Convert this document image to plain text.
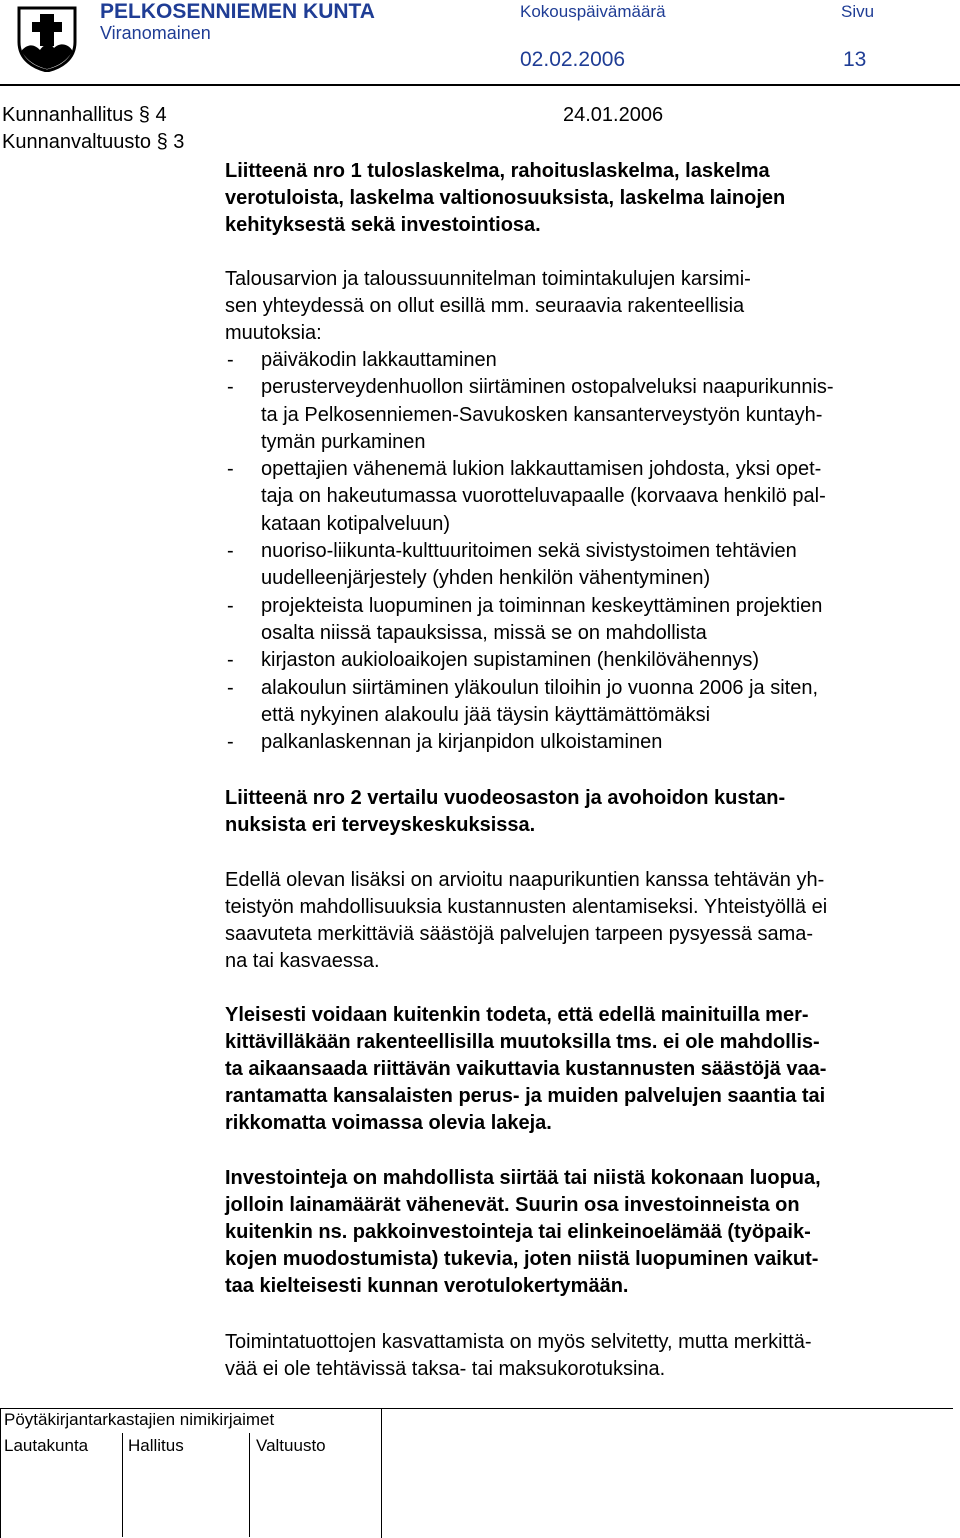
PELKOSENNIEMEN KUNTA
Viranomainen
Kokouspäivämäärä	Sivu
02.02.2006	13
Kunnanhallitus § 4	24.01.2006
Kunnanvaltuusto § 3

Liitteenä nro 1 tuloslaskelma, rahoituslaskelma, laskelma

verotuloista, laskelma valtionosuuksista, laskelma lainojen

kehityksestä sekä investointiosa.

Talousarvion ja taloussuunnitelman toimintakulujen karsimi-

sen yhteydessä on ollut esillä mm. seuraavia rakenteellisia

muutoksia:

- päiväkodin lakkauttaminen
- perusterveydenhuollon siirtäminen ostopalveluksi naapurikunnis-
ta ja Pelkosenniemen-Savukosken kansanterveystyön kuntayh-
tymän purkaminen
- opettajien vähenemä lukion lakkauttamisen johdosta, yksi opet-
taja on hakeutumassa vuorotteluvapaalle (korvaava henkilö pal-
kataan kotipalveluun)
- nuoriso-liikunta-kulttuuritoimen sekä sivistystoimen tehtävien
uudelleenjärjestely (yhden henkilön vähentyminen)
- projekteista luopuminen ja toiminnan keskeyttäminen projektien
osalta niissä tapauksissa, missä se on mahdollista
- kirjaston aukioloaikojen supistaminen (henkilövähennys)
- alakoulun siirtäminen yläkoulun tiloihin jo vuonna 2006 ja siten,
että nykyinen alakoulu jää täysin käyttämättömäksi
- palkanlaskennan ja kirjanpidon ulkoistaminen

Liitteenä nro 2 vertailu vuodeosaston ja avohoidon kustan-

nuksista eri terveyskeskuksissa.

Edellä olevan lisäksi on arvioitu naapurikuntien kanssa tehtävän yh-

teistyön mahdollisuuksia kustannusten alentamiseksi. Yhteistyöllä ei

saavuteta merkittäviä säästöjä palvelujen tarpeen pysyessä sama-

na tai kasvaessa.

Yleisesti voidaan kuitenkin todeta, että edellä mainituilla mer-

kittävilläkään rakenteellisilla muutoksilla tms. ei ole mahdollis-

ta aikaansaada riittävän vaikuttavia kustannusten säästöjä vaa-

rantamatta kansalaisten perus- ja muiden palvelujen saantia tai

rikkomatta voimassa olevia lakeja.

Investointeja on mahdollista siirtää tai niistä kokonaan luopua,

jolloin lainamäärät vähenevät. Suurin osa investoinneista on

kuitenkin ns. pakkoinvestointeja tai elinkeinoelämää (työpaik-

kojen muodostumista) tukevia, joten niistä luopuminen vaikut-

taa kielteisesti kunnan verotulokertymään.

Toimintatuottojen kasvattamista on myös selvitetty, mutta merkittä-

vää ei ole tehtävissä taksa- tai maksukorotuksina.

Pöytäkirjantarkastajien nimikirjaimet
Lautakunta Hallitus	Valtuusto
